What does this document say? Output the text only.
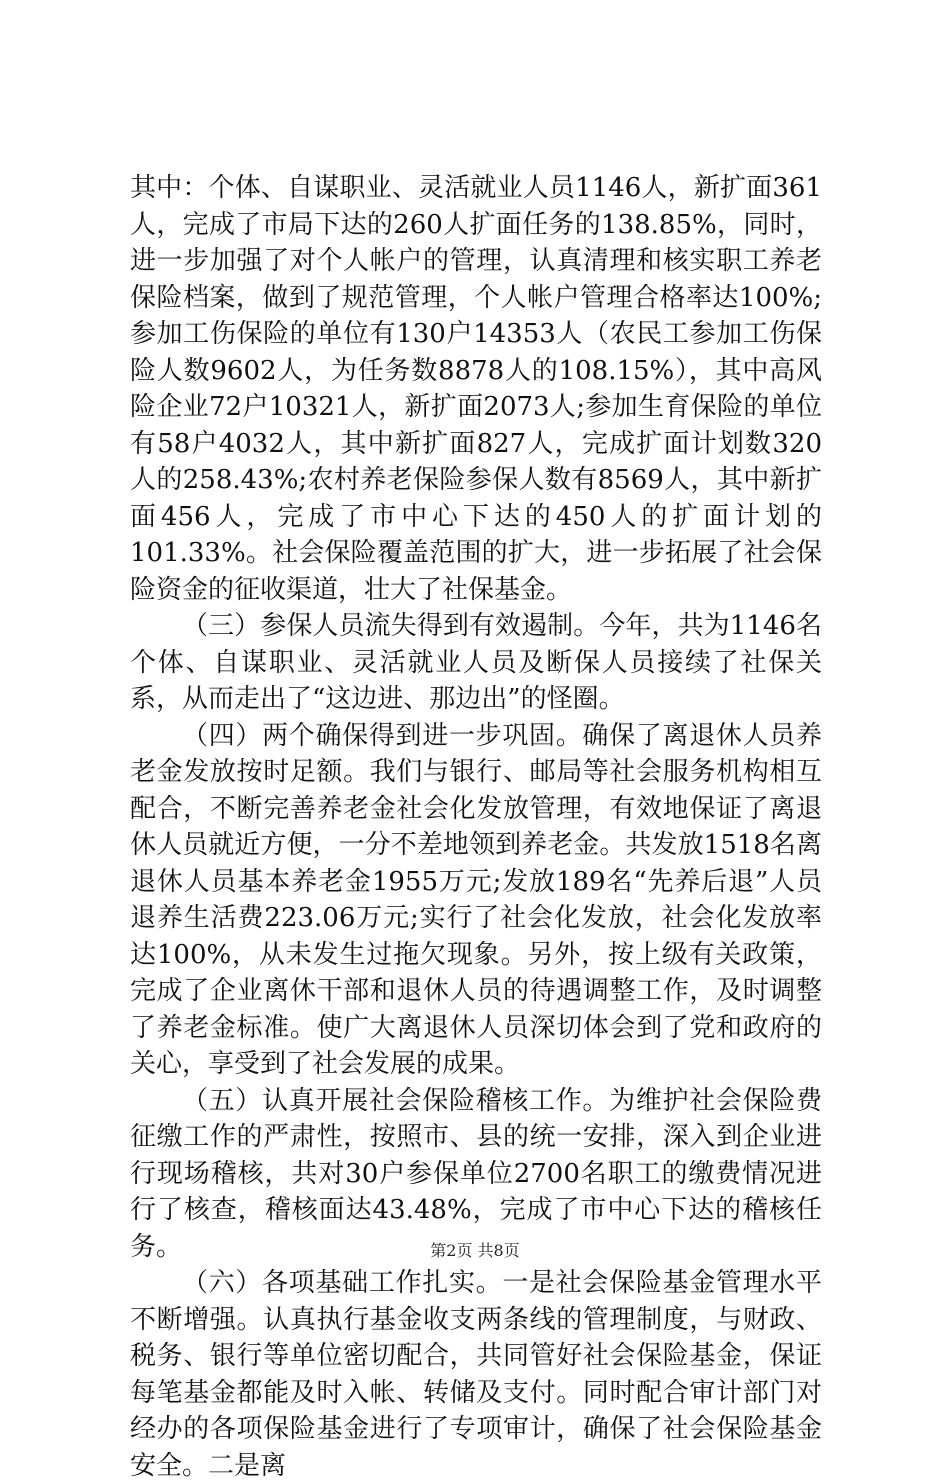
其中：个体、自谋职业、灵活就业人员1146人，新扩面361人，完成了市局下达的260人扩面任务的138.85%，同时，进一步加强了对个人帐户的管理，认真清理和核实职工养老保险档案，做到了规范管理，个人帐户管理合格率达100%;参加工伤保险的单位有130户14353人（农民工参加工伤保险人数9602人，为任务数8878人的108.15%），其中高风险企业72户10321人，新扩面2073人;参加生育保险的单位有58户4032人，其中新扩面827人，完成扩面计划数320人的258.43%;农村养老保险参保人数有8569人，其中新扩面456人，完成了市中心下达的450人的扩面计划的101.33%。社会保险覆盖范围的扩大，进一步拓展了社会保险资金的征收渠道，壮大了社保基金。

（三）参保人员流失得到有效遏制。今年，共为1146名个体、自谋职业、灵活就业人员及断保人员接续了社保关系，从而走出了“这边进、那边出”的怪圈。

（四）两个确保得到进一步巩固。确保了离退休人员养老金发放按时足额。我们与银行、邮局等社会服务机构相互配合，不断完善养老金社会化发放管理，有效地保证了离退休人员就近方便，一分不差地领到养老金。共发放1518名离退休人员基本养老金1955万元;发放189名“先养后退”人员退养生活费223.06万元;实行了社会化发放，社会化发放率达100%，从未发生过拖欠现象。另外，按上级有关政策，完成了企业离休干部和退休人员的待遇调整工作，及时调整了养老金标准。使广大离退休人员深切体会到了党和政府的关心，享受到了社会发展的成果。

（五）认真开展社会保险稽核工作。为维护社会保险费征缴工作的严肃性，按照市、县的统一安排，深入到企业进行现场稽核，共对30户参保单位2700名职工的缴费情况进行了核查，稽核面达43.48%，完成了市中心下达的稽核任务。

（六）各项基础工作扎实。一是社会保险基金管理水平不断增强。认真执行基金收支两条线的管理制度，与财政、税务、银行等单位密切配合，共同管好社会保险基金，保证每笔基金都能及时入帐、转储及支付。同时配合审计部门对经办的各项保险基金进行了专项审计，确保了社会保险基金安全。二是离

第2页 共8页
